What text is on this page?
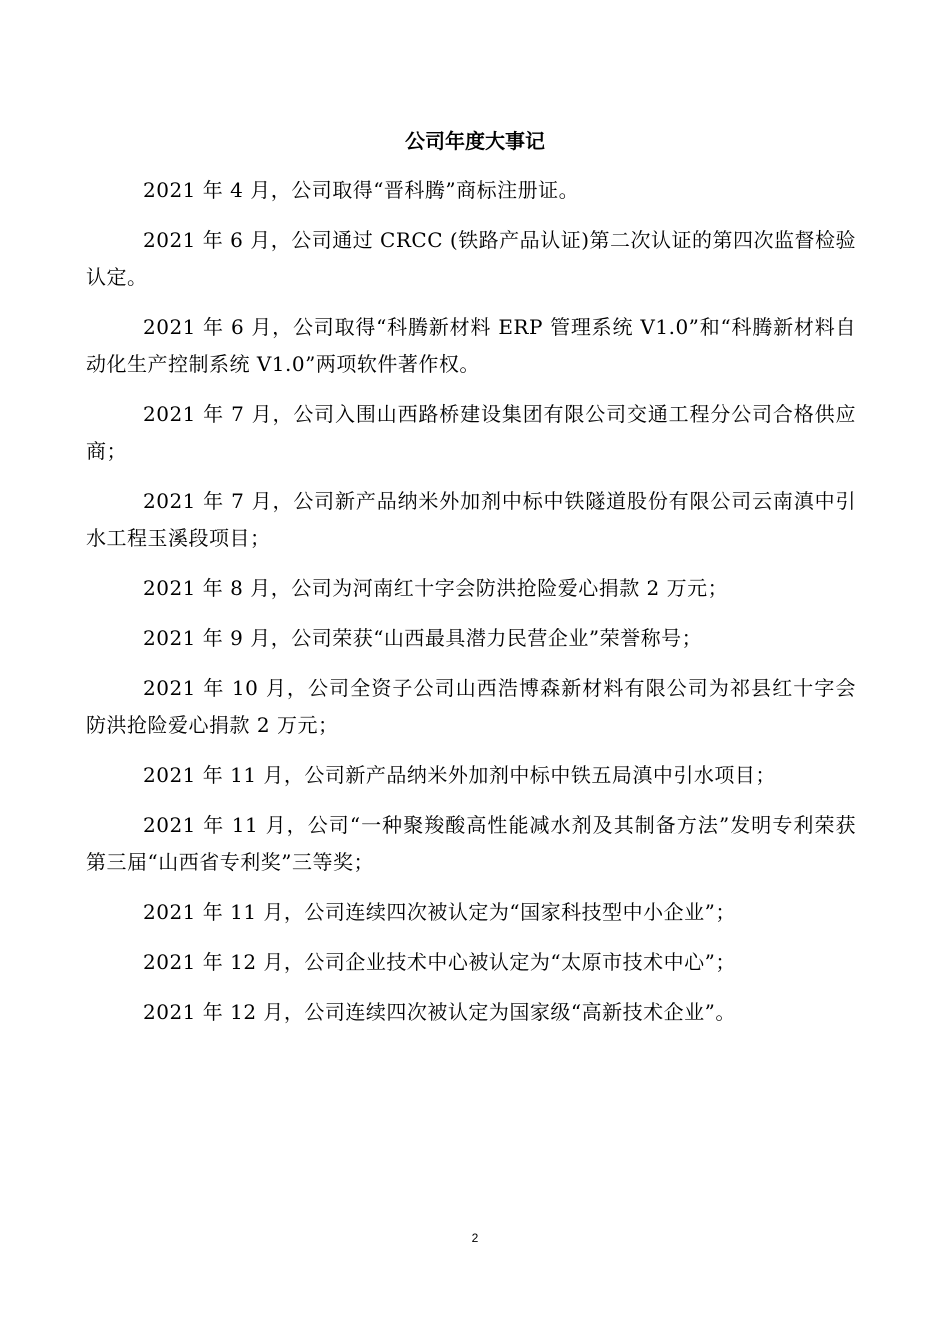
公司年度大事记

2021 年 4 月，公司取得“晋科腾”商标注册证。

2021 年 6 月，公司通过 CRCC (铁路产品认证)第二次认证的第四次监督检验认定。

2021 年 6 月，公司取得“科腾新材料 ERP 管理系统 V1.0”和“科腾新材料自动化生产控制系统 V1.0”两项软件著作权。

2021 年 7 月，公司入围山西路桥建设集团有限公司交通工程分公司合格供应商；

2021 年 7 月，公司新产品纳米外加剂中标中铁隧道股份有限公司云南滇中引水工程玉溪段项目；

2021 年 8 月，公司为河南红十字会防洪抢险爱心捐款 2 万元；

2021 年 9 月，公司荣获“山西最具潜力民营企业”荣誉称号；

2021 年 10 月，公司全资子公司山西浩博森新材料有限公司为祁县红十字会防洪抢险爱心捐款 2 万元；

2021 年 11 月，公司新产品纳米外加剂中标中铁五局滇中引水项目；

2021 年 11 月，公司“一种聚羧酸高性能减水剂及其制备方法”发明专利荣获第三届“山西省专利奖”三等奖；

2021 年 11 月，公司连续四次被认定为“国家科技型中小企业”；

2021 年 12 月，公司企业技术中心被认定为“太原市技术中心”；

2021 年 12 月，公司连续四次被认定为国家级“高新技术企业”。

2
